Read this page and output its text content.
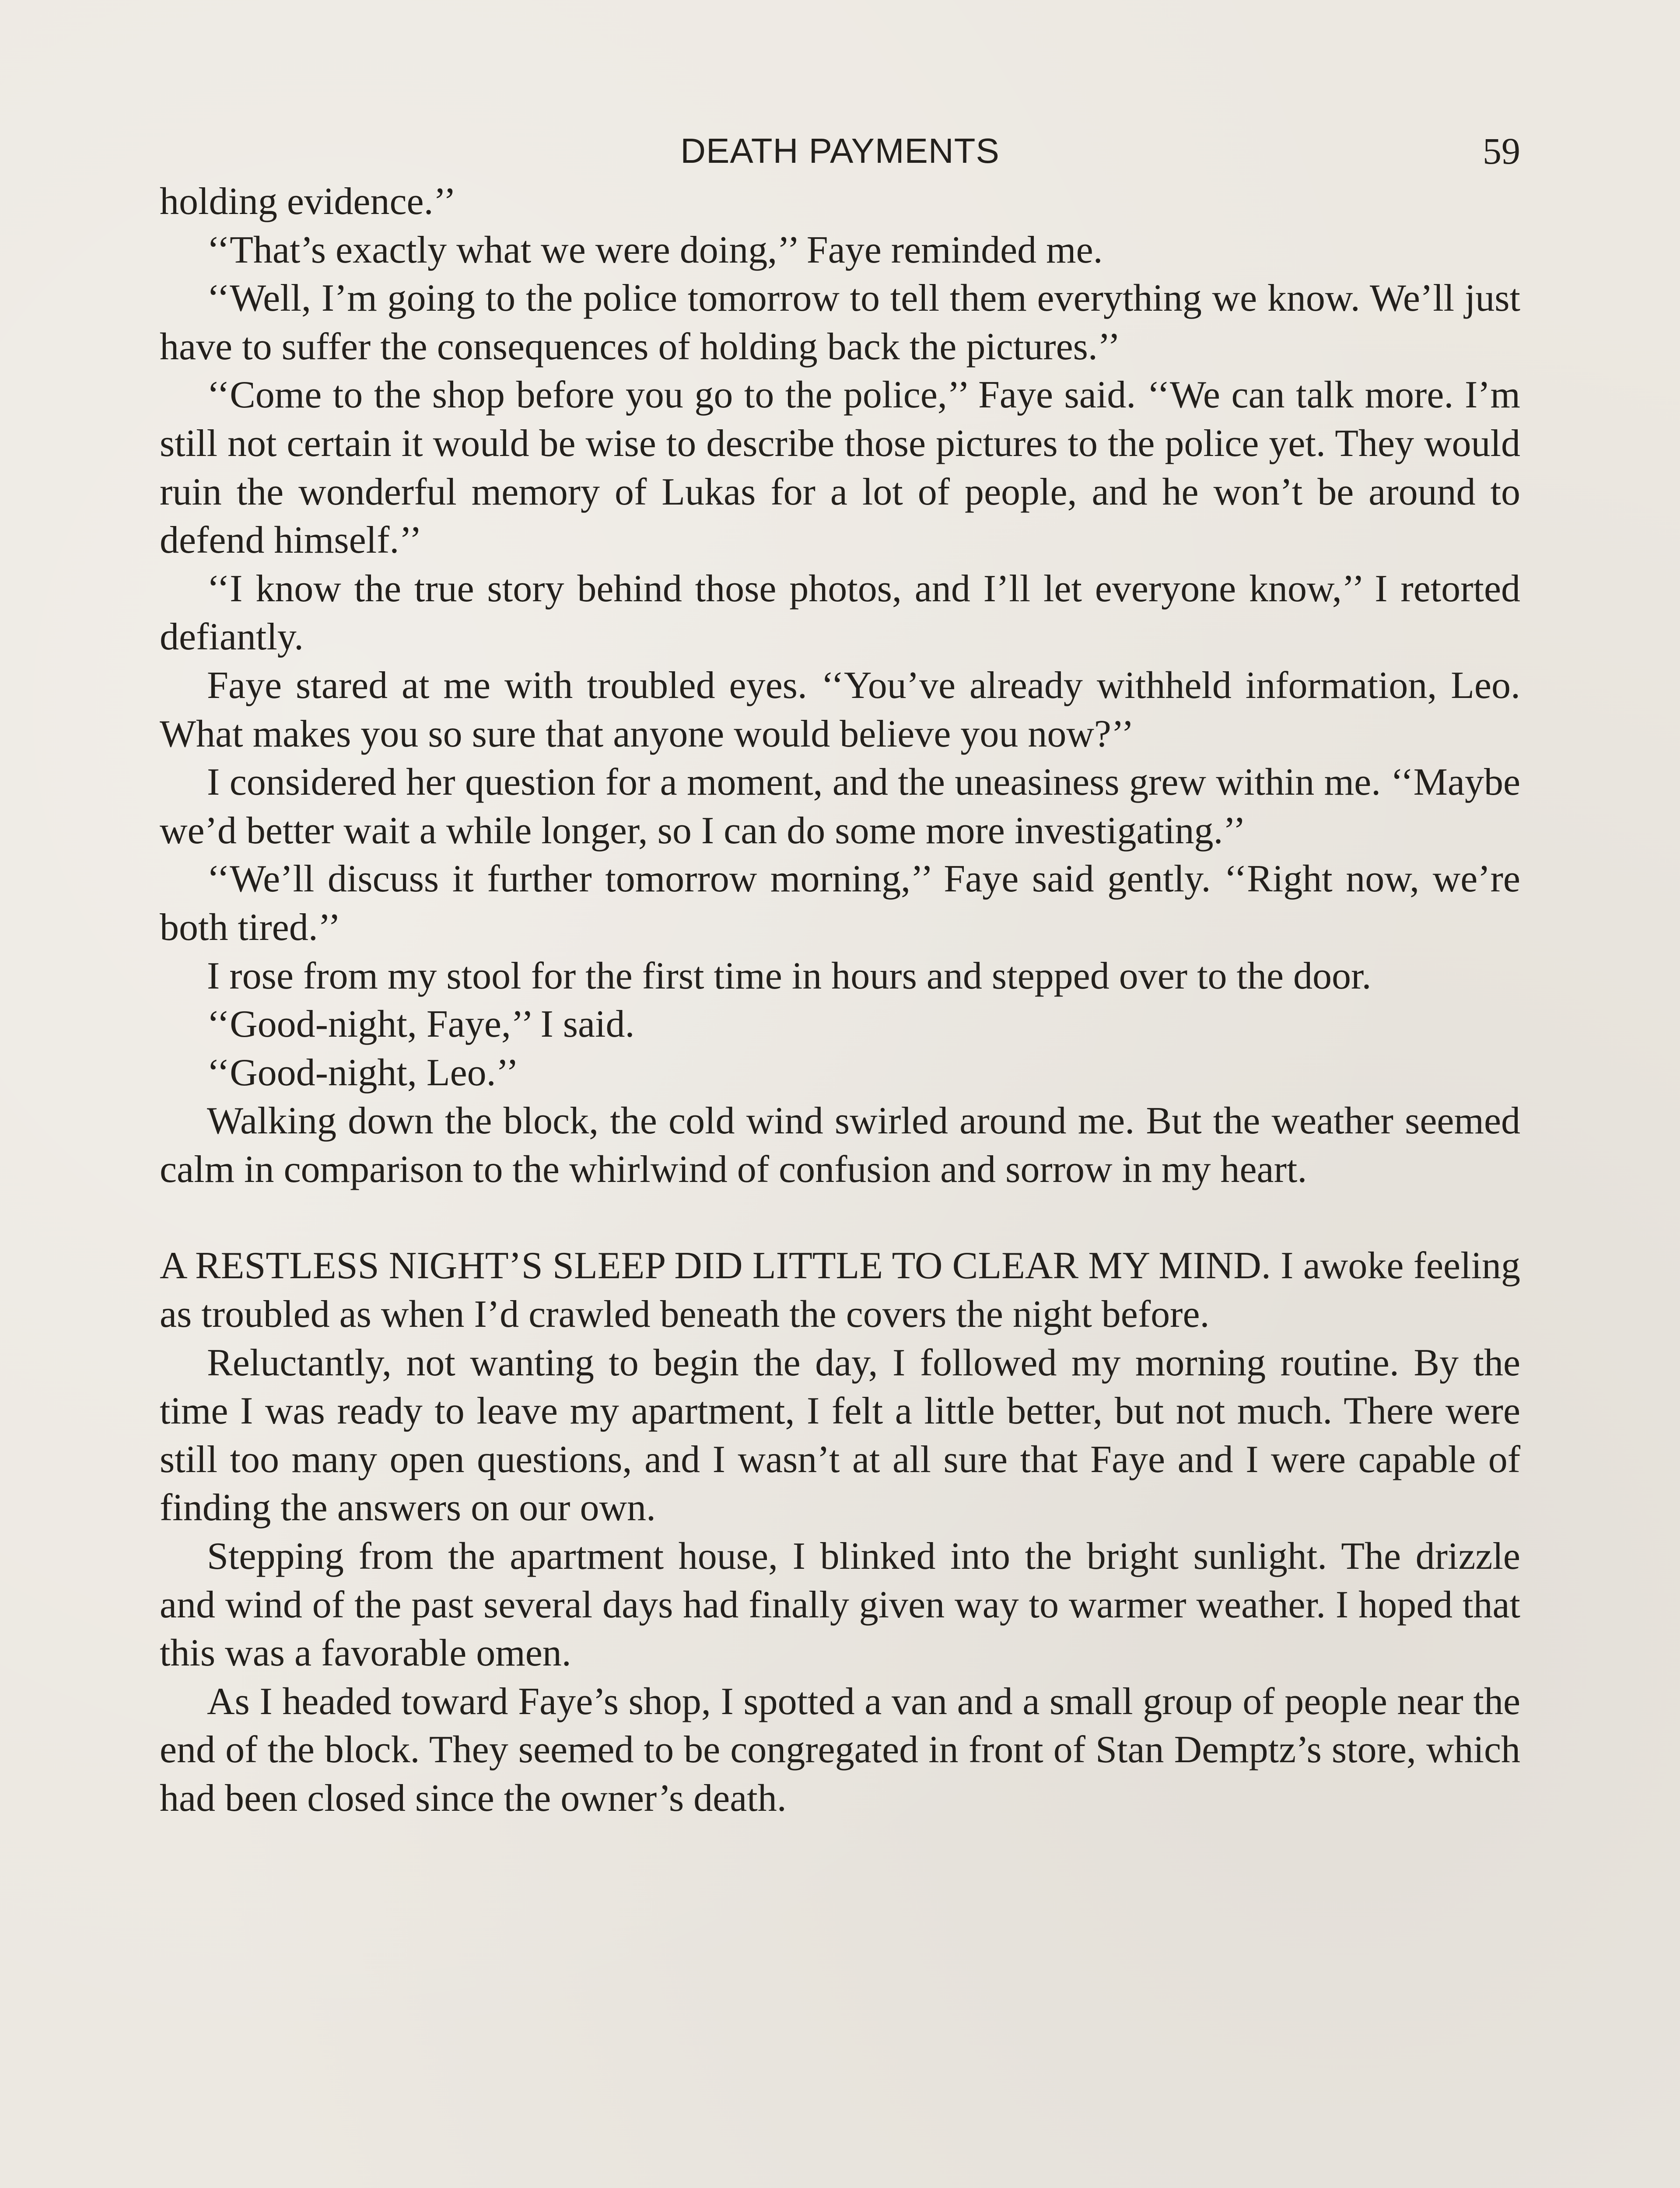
DEATH PAYMENTS	59

holding evidence.’’

‘‘That’s exactly what we were doing,’’ Faye reminded me.

‘‘Well, I’m going to the police tomorrow to tell them everything we know. We’ll just have to suffer the consequences of holding back the pictures.’’

‘‘Come to the shop before you go to the police,’’ Faye said. ‘‘We can talk more. I’m still not certain it would be wise to describe those pictures to the police yet. They would ruin the wonderful memory of Lukas for a lot of people, and he won’t be around to defend himself.’’

‘‘I know the true story behind those photos, and I’ll let everyone know,’’ I retorted defiantly.

Faye stared at me with troubled eyes. ‘‘You’ve already withheld information, Leo. What makes you so sure that anyone would believe you now?’’

I considered her question for a moment, and the uneasiness grew within me. ‘‘Maybe we’d better wait a while longer, so I can do some more investigating.’’

‘‘We’ll discuss it further tomorrow morning,’’ Faye said gently. ‘‘Right now, we’re both tired.’’

I rose from my stool for the first time in hours and stepped over to the door.

‘‘Good-night, Faye,’’ I said.

‘‘Good-night, Leo.’’

Walking down the block, the cold wind swirled around me. But the weather seemed calm in comparison to the whirlwind of confusion and sorrow in my heart.

A RESTLESS NIGHT’S SLEEP DID LITTLE TO CLEAR MY MIND. I awoke feeling as troubled as when I’d crawled beneath the covers the night before.

Reluctantly, not wanting to begin the day, I followed my morning routine. By the time I was ready to leave my apartment, I felt a little better, but not much. There were still too many open questions, and I wasn’t at all sure that Faye and I were capable of finding the answers on our own.

Stepping from the apartment house, I blinked into the bright sunlight. The drizzle and wind of the past several days had finally given way to warmer weather. I hoped that this was a favorable omen.

As I headed toward Faye’s shop, I spotted a van and a small group of people near the end of the block. They seemed to be congregated in front of Stan Demptz’s store, which had been closed since the owner’s death.
